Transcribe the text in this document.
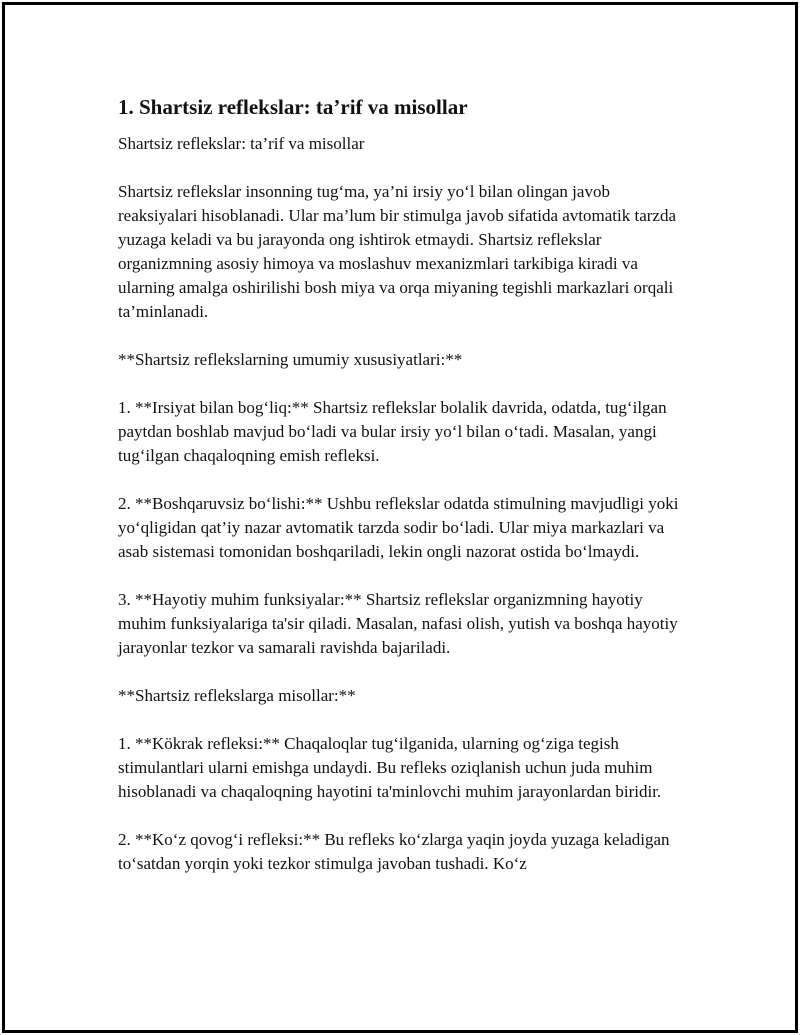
1. Shartsiz reflekslar: ta’rif va misollar
Shartsiz reflekslar: ta’rif va misollar
Shartsiz reflekslar insonning tug‘ma, ya’ni irsiy yo‘l bilan olingan javob reaksiyalari hisoblanadi. Ular ma’lum bir stimulga javob sifatida avtomatik tarzda yuzaga keladi va bu jarayonda ong ishtirok etmaydi. Shartsiz reflekslar organizmning asosiy himoya va moslashuv mexanizmlari tarkibiga kiradi va ularning amalga oshirilishi bosh miya va orqa miyaning tegishli markazlari orqali ta’minlanadi.
**Shartsiz reflekslarning umumiy xususiyatlari:**
1. **Irsiyat bilan bog‘liq:** Shartsiz reflekslar bolalik davrida, odatda, tug‘ilgan paytdan boshlab mavjud bo‘ladi va bular irsiy yo‘l bilan o‘tadi. Masalan, yangi tug‘ilgan chaqaloqning emish refleksi.
2. **Boshqaruvsiz bo‘lishi:** Ushbu reflekslar odatda stimulning mavjudligi yoki yo‘qligidan qat’iy nazar avtomatik tarzda sodir bo‘ladi. Ular miya markazlari va asab sistemasi tomonidan boshqariladi, lekin ongli nazorat ostida bo‘lmaydi.
3. **Hayotiy muhim funksiyalar:** Shartsiz reflekslar organizmning hayotiy muhim funksiyalariga ta'sir qiladi. Masalan, nafasi olish, yutish va boshqa hayotiy jarayonlar tezkor va samarali ravishda bajariladi.
**Shartsiz reflekslarga misollar:**
1. **Kökrak refleksi:** Chaqaloqlar tug‘ilganida, ularning og‘ziga tegish stimulantlari ularni emishga undaydi. Bu refleks oziqlanish uchun juda muhim hisoblanadi va chaqaloqning hayotini ta'minlovchi muhim jarayonlardan biridir.
2. **Ko‘z qovog‘i refleksi:** Bu refleks ko‘zlarga yaqin joyda yuzaga keladigan to‘satdan yorqin yoki tezkor stimulga javoban tushadi. Ko‘z
